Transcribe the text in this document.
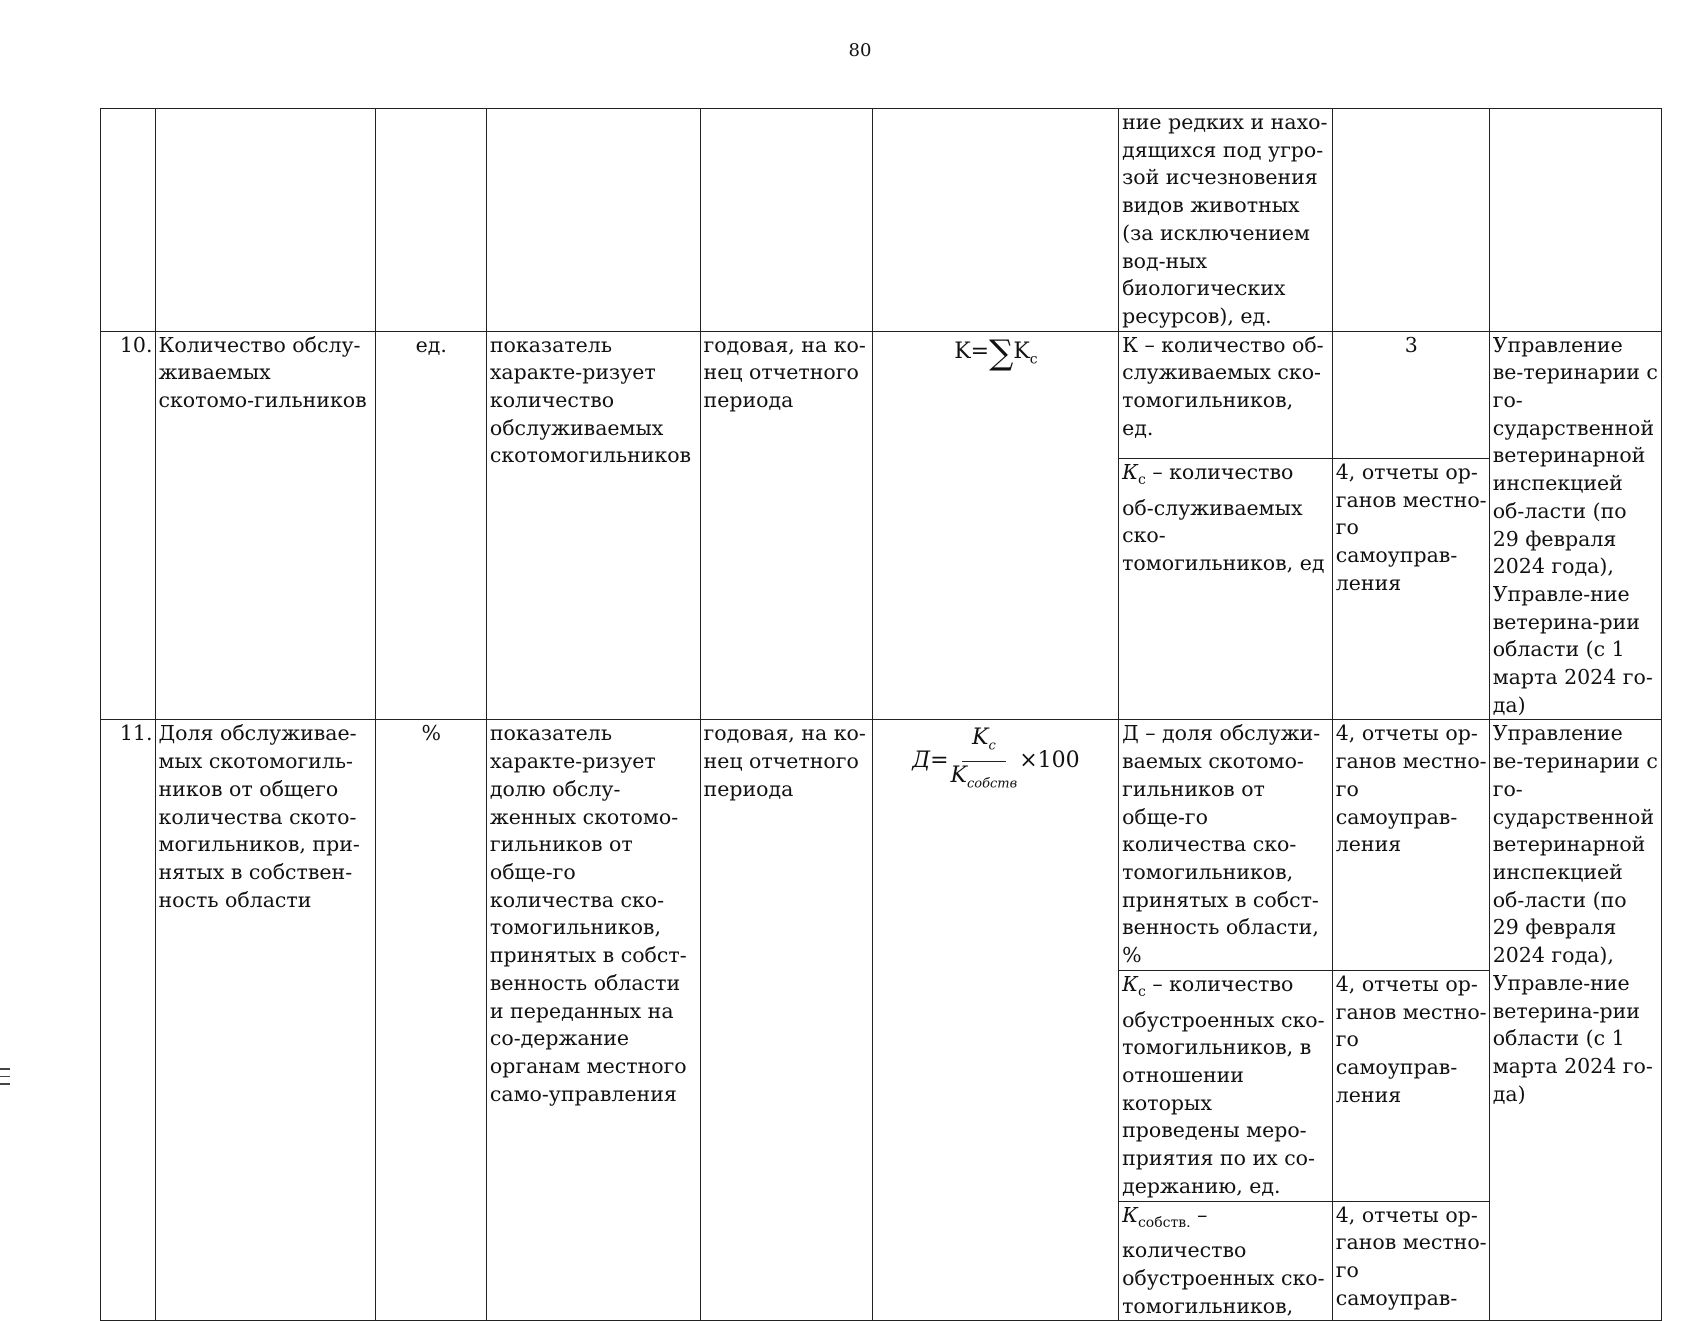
80
						ние редких и нахо-дящихся под угро-зой исчезновения видов животных (за исключением вод-ных биологических ресурсов), ед.		
10.	Количество обслу-живаемых скотомо-гильников	ед.	показатель характе-ризует количество обслуживаемых скотомогильников	годовая, на ко-нец отчетного периода	$K=\sum K_c$	К – количество об-служиваемых ско-томогильников, ед.	3	Управление ве-теринарии с го-сударственной ветеринарной инспекцией об-ласти (по 29 февраля 2024 года), Управле-ние ветерина-рии области (с 1 марта 2024 го-да)
						$К_с$ – количество об-служиваемых ско-томогильников, ед	4, отчеты ор-ганов местно-го самоуправ-ления	
11.	Доля обслуживае-мых скотомогиль-ников от общего количества ското-могильников, при-нятых в собствен-ность области	%	показатель характе-ризует долю обслу-женных скотомо-гильников от обще-го количества ско-томогильников, принятых в собст-венность области и переданных на со-держание органам местного само-управления	годовая, на ко-нец отчетного периода	$Д= \frac{K_c}{K_{собств}} \times 100$	Д – доля обслужи-ваемых скотомо-гильников от обще-го количества ско-томогильников, принятых в собст-венность области, %	4, отчеты ор-ганов местно-го самоуправ-ления	Управление ве-теринарии с го-сударственной ветеринарной инспекцией об-ласти (по 29 февраля 2024 года), Управле-ние ветерина-рии области (с 1 марта 2024 го-да)
						$К_с$ – количество обустроенных ско-томогильников, в отношении которых проведены меро-приятия по их со-держанию, ед.	4, отчеты ор-ганов местно-го самоуправ-ления	
						$К_{собств.}$ – количество обустроенных ско-томогильников,	4, отчеты ор-ганов местно-го самоуправ-	
